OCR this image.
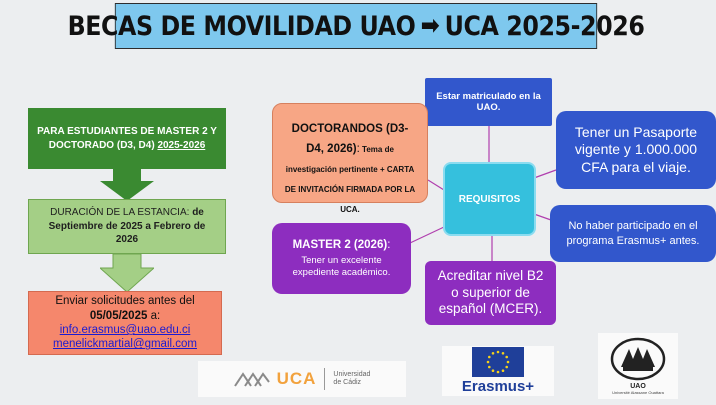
BECAS DE MOVILIDAD UAO ➡ UCA 2025-2026
PARA ESTUDIANTES DE MASTER 2 Y DOCTORADO (D3, D4) 2025-2026
DURACIÓN DE LA ESTANCIA: de Septiembre de 2025 a Febrero de 2026
Enviar solicitudes antes del
05/05/2025 a:
info.erasmus@uao.edu.ci
menelickmartial@gmail.com
Estar matriculado en la UAO.
Tener un Pasaporte vigente y 1.000.000 CFA para el viaje.
No haber participado en el programa Erasmus+ antes.
Acreditar nivel B2 o superior de español (MCER).
MASTER 2 (2026):
Tener un excelente expediente académico.
DOCTORANDOS (D3-D4, 2026): Tema de investigación pertinente + CARTA DE INVITACIÓN FIRMADA POR LA UCA.
REQUISITOS
UCA Universidad de Cádiz	Erasmus+	UAO
Université Alassane Ouattara
